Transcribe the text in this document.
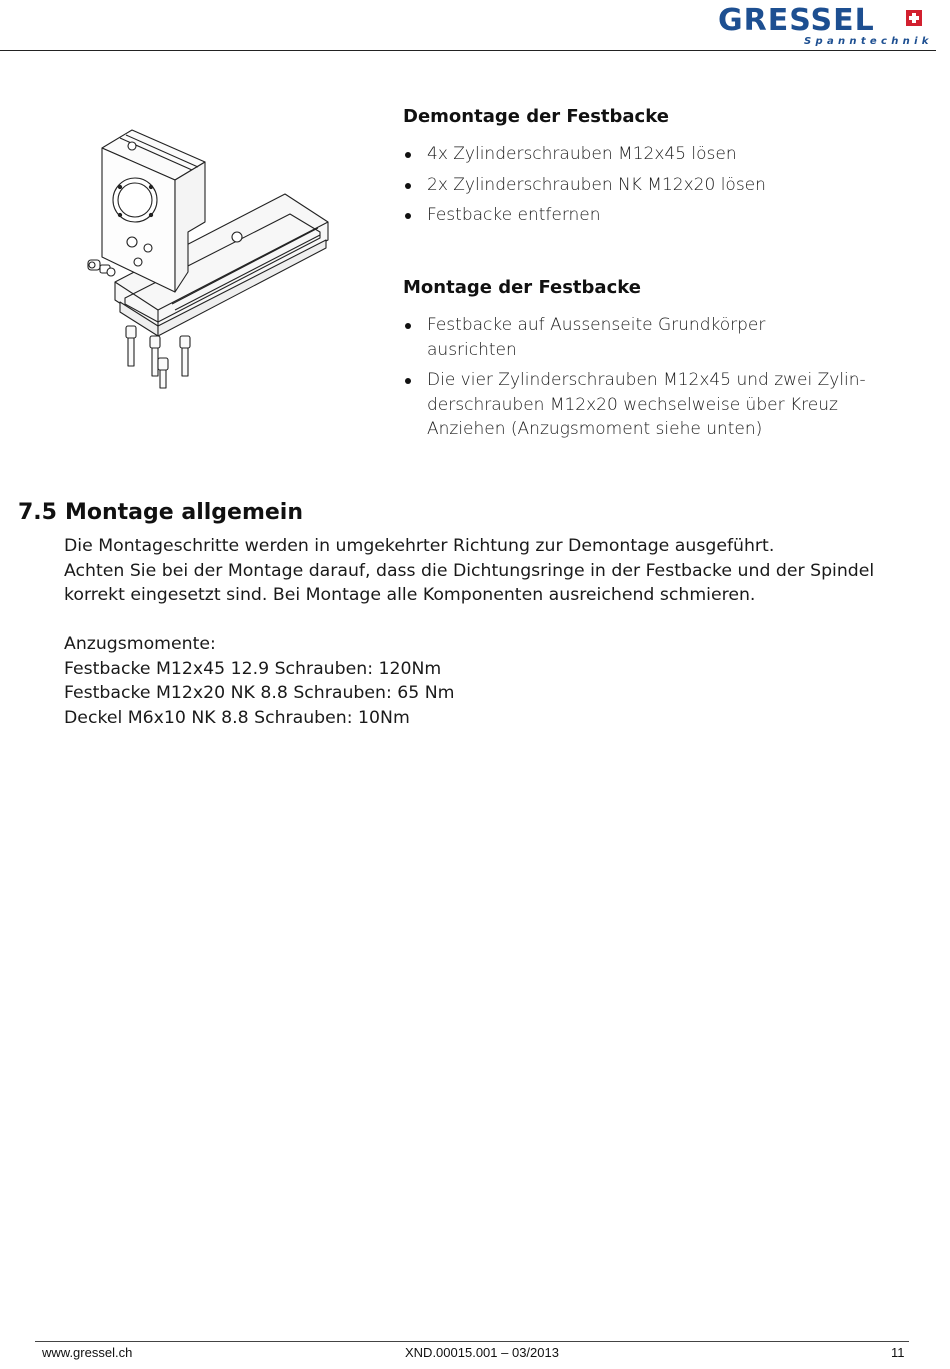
GRESSEL
Spanntechnik
Demontage der Festbacke
4x Zylinderschrauben M12x45 lösen
2x Zylinderschrauben NK M12x20 lösen
Festbacke entfernen
Montage der Festbacke
Festbacke auf Aussenseite Grundkörper
ausrichten
Die vier Zylinderschrauben M12x45 und zwei Zylin-
derschrauben M12x20 wechselweise über Kreuz
Anziehen (Anzugsmoment siehe unten)
7.5 Montage allgemein
Die Montageschritte werden in umgekehrter Richtung zur Demontage ausgeführt.
Achten Sie bei der Montage darauf, dass die Dichtungsringe in der Festbacke und der Spindel
korrekt eingesetzt sind. Bei Montage alle Komponenten ausreichend schmieren.
Anzugsmomente:
Festbacke M12x45 12.9 Schrauben: 120Nm
Festbacke M12x20 NK 8.8 Schrauben: 65 Nm
Deckel M6x10 NK 8.8 Schrauben: 10Nm
www.gressel.ch	XND.00015.001 – 03/2013	11
